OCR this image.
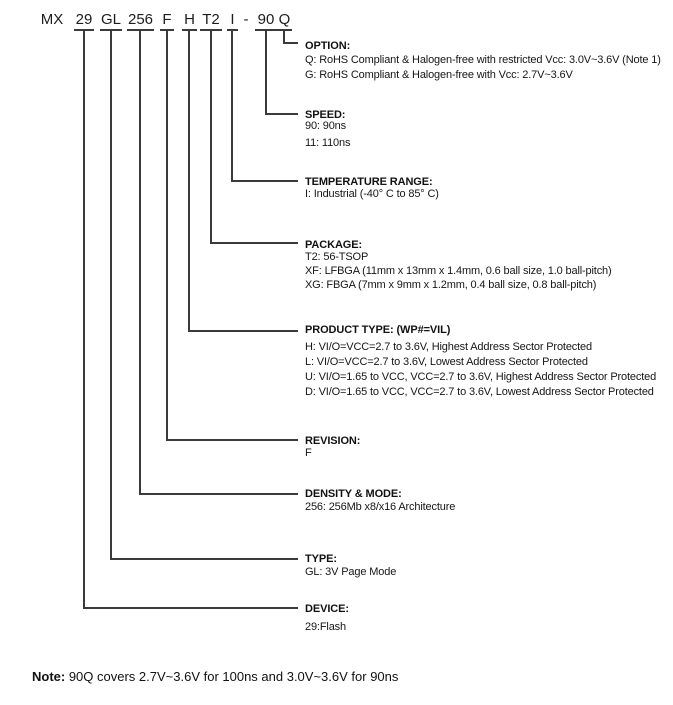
MX 29 GL 256 F H T2 I - 90 Q
OPTION:
Q: RoHS Compliant & Halogen-free with restricted Vcc: 3.0V~3.6V (Note 1)
G: RoHS Compliant & Halogen-free with Vcc: 2.7V~3.6V
SPEED:
90: 90ns
11: 110ns
TEMPERATURE RANGE:
I: Industrial (-40° C to 85° C)
PACKAGE:
T2: 56-TSOP
XF: LFBGA (11mm x 13mm x 1.4mm, 0.6 ball size, 1.0 ball-pitch)
XG: FBGA (7mm x 9mm x 1.2mm, 0.4 ball size, 0.8 ball-pitch)
PRODUCT TYPE: (WP#=VIL)
H: VI/O=VCC=2.7 to 3.6V, Highest Address Sector Protected
L: VI/O=VCC=2.7 to 3.6V, Lowest Address Sector Protected
U: VI/O=1.65 to VCC, VCC=2.7 to 3.6V, Highest Address Sector Protected
D: VI/O=1.65 to VCC, VCC=2.7 to 3.6V, Lowest Address Sector Protected
REVISION:
F
DENSITY & MODE:
256: 256Mb x8/x16 Architecture
TYPE:
GL: 3V Page Mode
DEVICE:
29:Flash
Note: 90Q covers 2.7V~3.6V for 100ns and 3.0V~3.6V for 90ns
